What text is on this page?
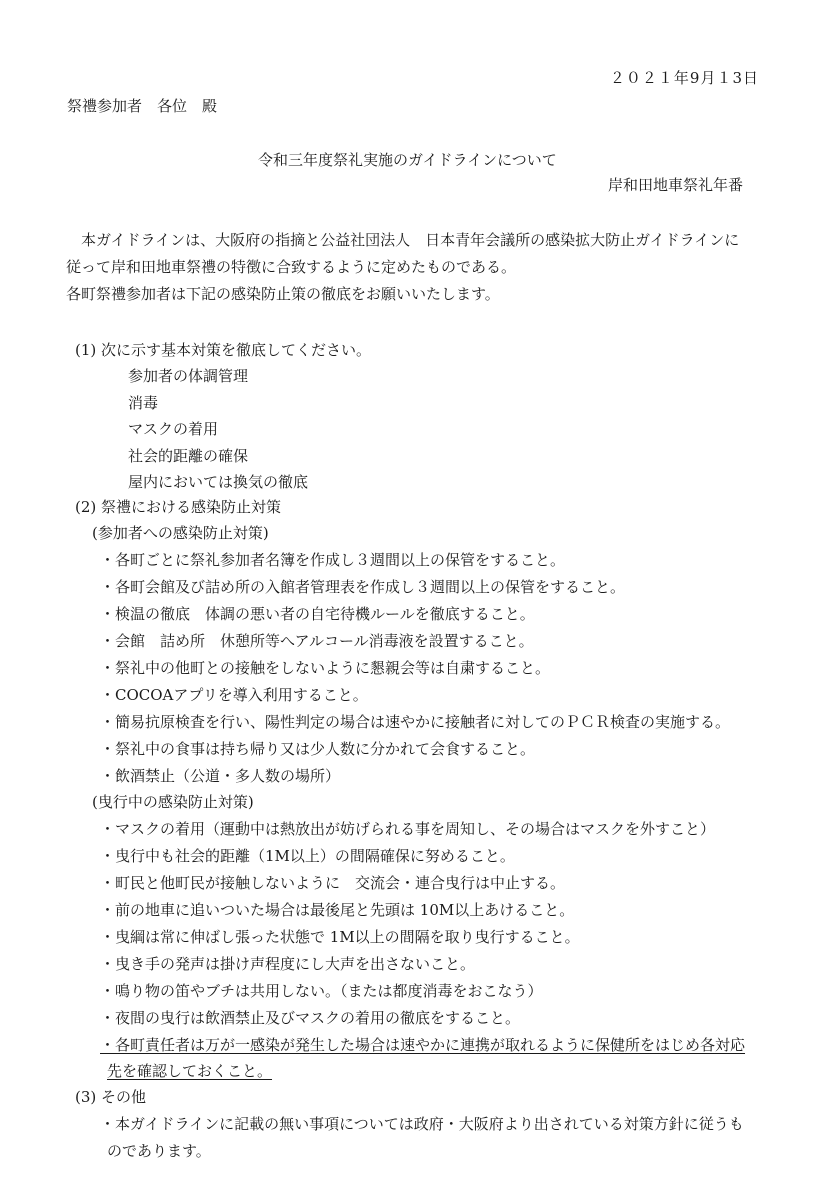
２０２１年9月１3日
祭禮参加者　各位　殿
令和三年度祭礼実施のガイドラインについて
岸和田地車祭礼年番
　本ガイドラインは、大阪府の指摘と公益社団法人　日本青年会議所の感染拡大防止ガイドラインに
従って岸和田地車祭禮の特徴に合致するように定めたものである。
各町祭禮参加者は下記の感染防止策の徹底をお願いいたします。
(1) 次に示す基本対策を徹底してください。
参加者の体調管理
消毒
マスクの着用
社会的距離の確保
屋内においては換気の徹底
(2) 祭禮における感染防止対策
(参加者への感染防止対策)
・各町ごとに祭礼参加者名簿を作成し３週間以上の保管をすること。
・各町会館及び詰め所の入館者管理表を作成し３週間以上の保管をすること。
・検温の徹底　体調の悪い者の自宅待機ルールを徹底すること。
・会館　詰め所　休憩所等へアルコール消毒液を設置すること。
・祭礼中の他町との接触をしないように懇親会等は自粛すること。
・COCOAアプリを導入利用すること。
・簡易抗原検査を行い、陽性判定の場合は速やかに接触者に対してのＰＣＲ検査の実施する。
・祭礼中の食事は持ち帰り又は少人数に分かれて会食すること。
・飲酒禁止（公道・多人数の場所）
(曳行中の感染防止対策)
・マスクの着用（運動中は熱放出が妨げられる事を周知し、その場合はマスクを外すこと）
・曳行中も社会的距離（1M以上）の間隔確保に努めること。
・町民と他町民が接触しないように　交流会・連合曳行は中止する。
・前の地車に追いついた場合は最後尾と先頭は 10M以上あけること。
・曳綱は常に伸ばし張った状態で 1M以上の間隔を取り曳行すること。
・曳き手の発声は掛け声程度にし大声を出さないこと。
・鳴り物の笛やブチは共用しない。（または都度消毒をおこなう）
・夜間の曳行は飲酒禁止及びマスクの着用の徹底をすること。
・各町責任者は万が一感染が発生した場合は速やかに連携が取れるように保健所をはじめ各対応
先を確認しておくこと。
(3) その他
・本ガイドラインに記載の無い事項については政府・大阪府より出されている対策方針に従うも
のであります。
